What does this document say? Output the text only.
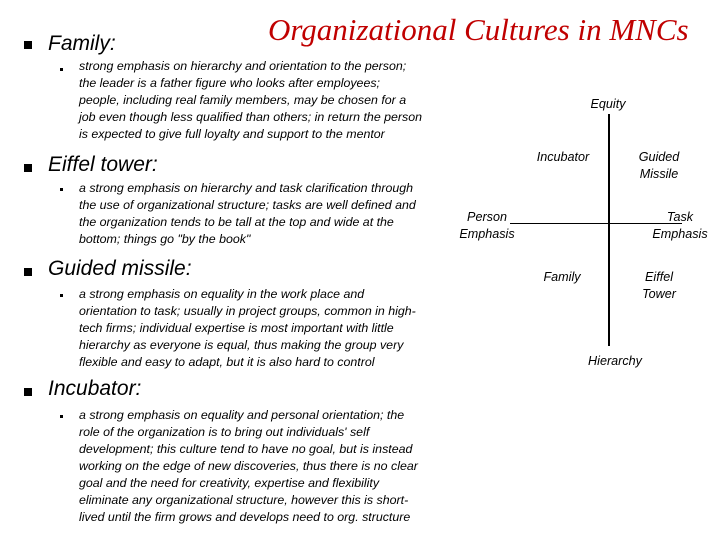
Organizational Cultures in MNCs
Family:
strong emphasis on hierarchy and orientation to the person;
the leader is a father figure who looks after employees;
people, including real family members, may be chosen for a
job even though less qualified than others; in return the person
is expected to give full loyalty and support to the mentor
Eiffel tower:
a strong emphasis on hierarchy and task clarification through
the use of organizational structure; tasks are well defined and
the organization tends to be tall at the top and wide at the
bottom; things go "by the book"
Guided missile:
a strong emphasis on equality in the work place and
orientation to task; usually in project groups, common in high-
tech firms; individual expertise is most important with little
hierarchy as everyone is equal, thus making the group very
flexible and easy to adapt, but it is also hard to control
Incubator:
a strong emphasis on equality and personal orientation; the
role of the organization is to bring out individuals' self
development; this culture tend to have no goal, but is instead
working on the edge of new discoveries, thus there is no clear
goal and the need for creativity, expertise and flexibility
eliminate any organizational structure, however this is short-
lived until the firm grows and develops need to org. structure
Equity
Hierarchy
Person
Emphasis
Task
Emphasis
Incubator	Guided
Missile
Family	Eiffel
Tower
